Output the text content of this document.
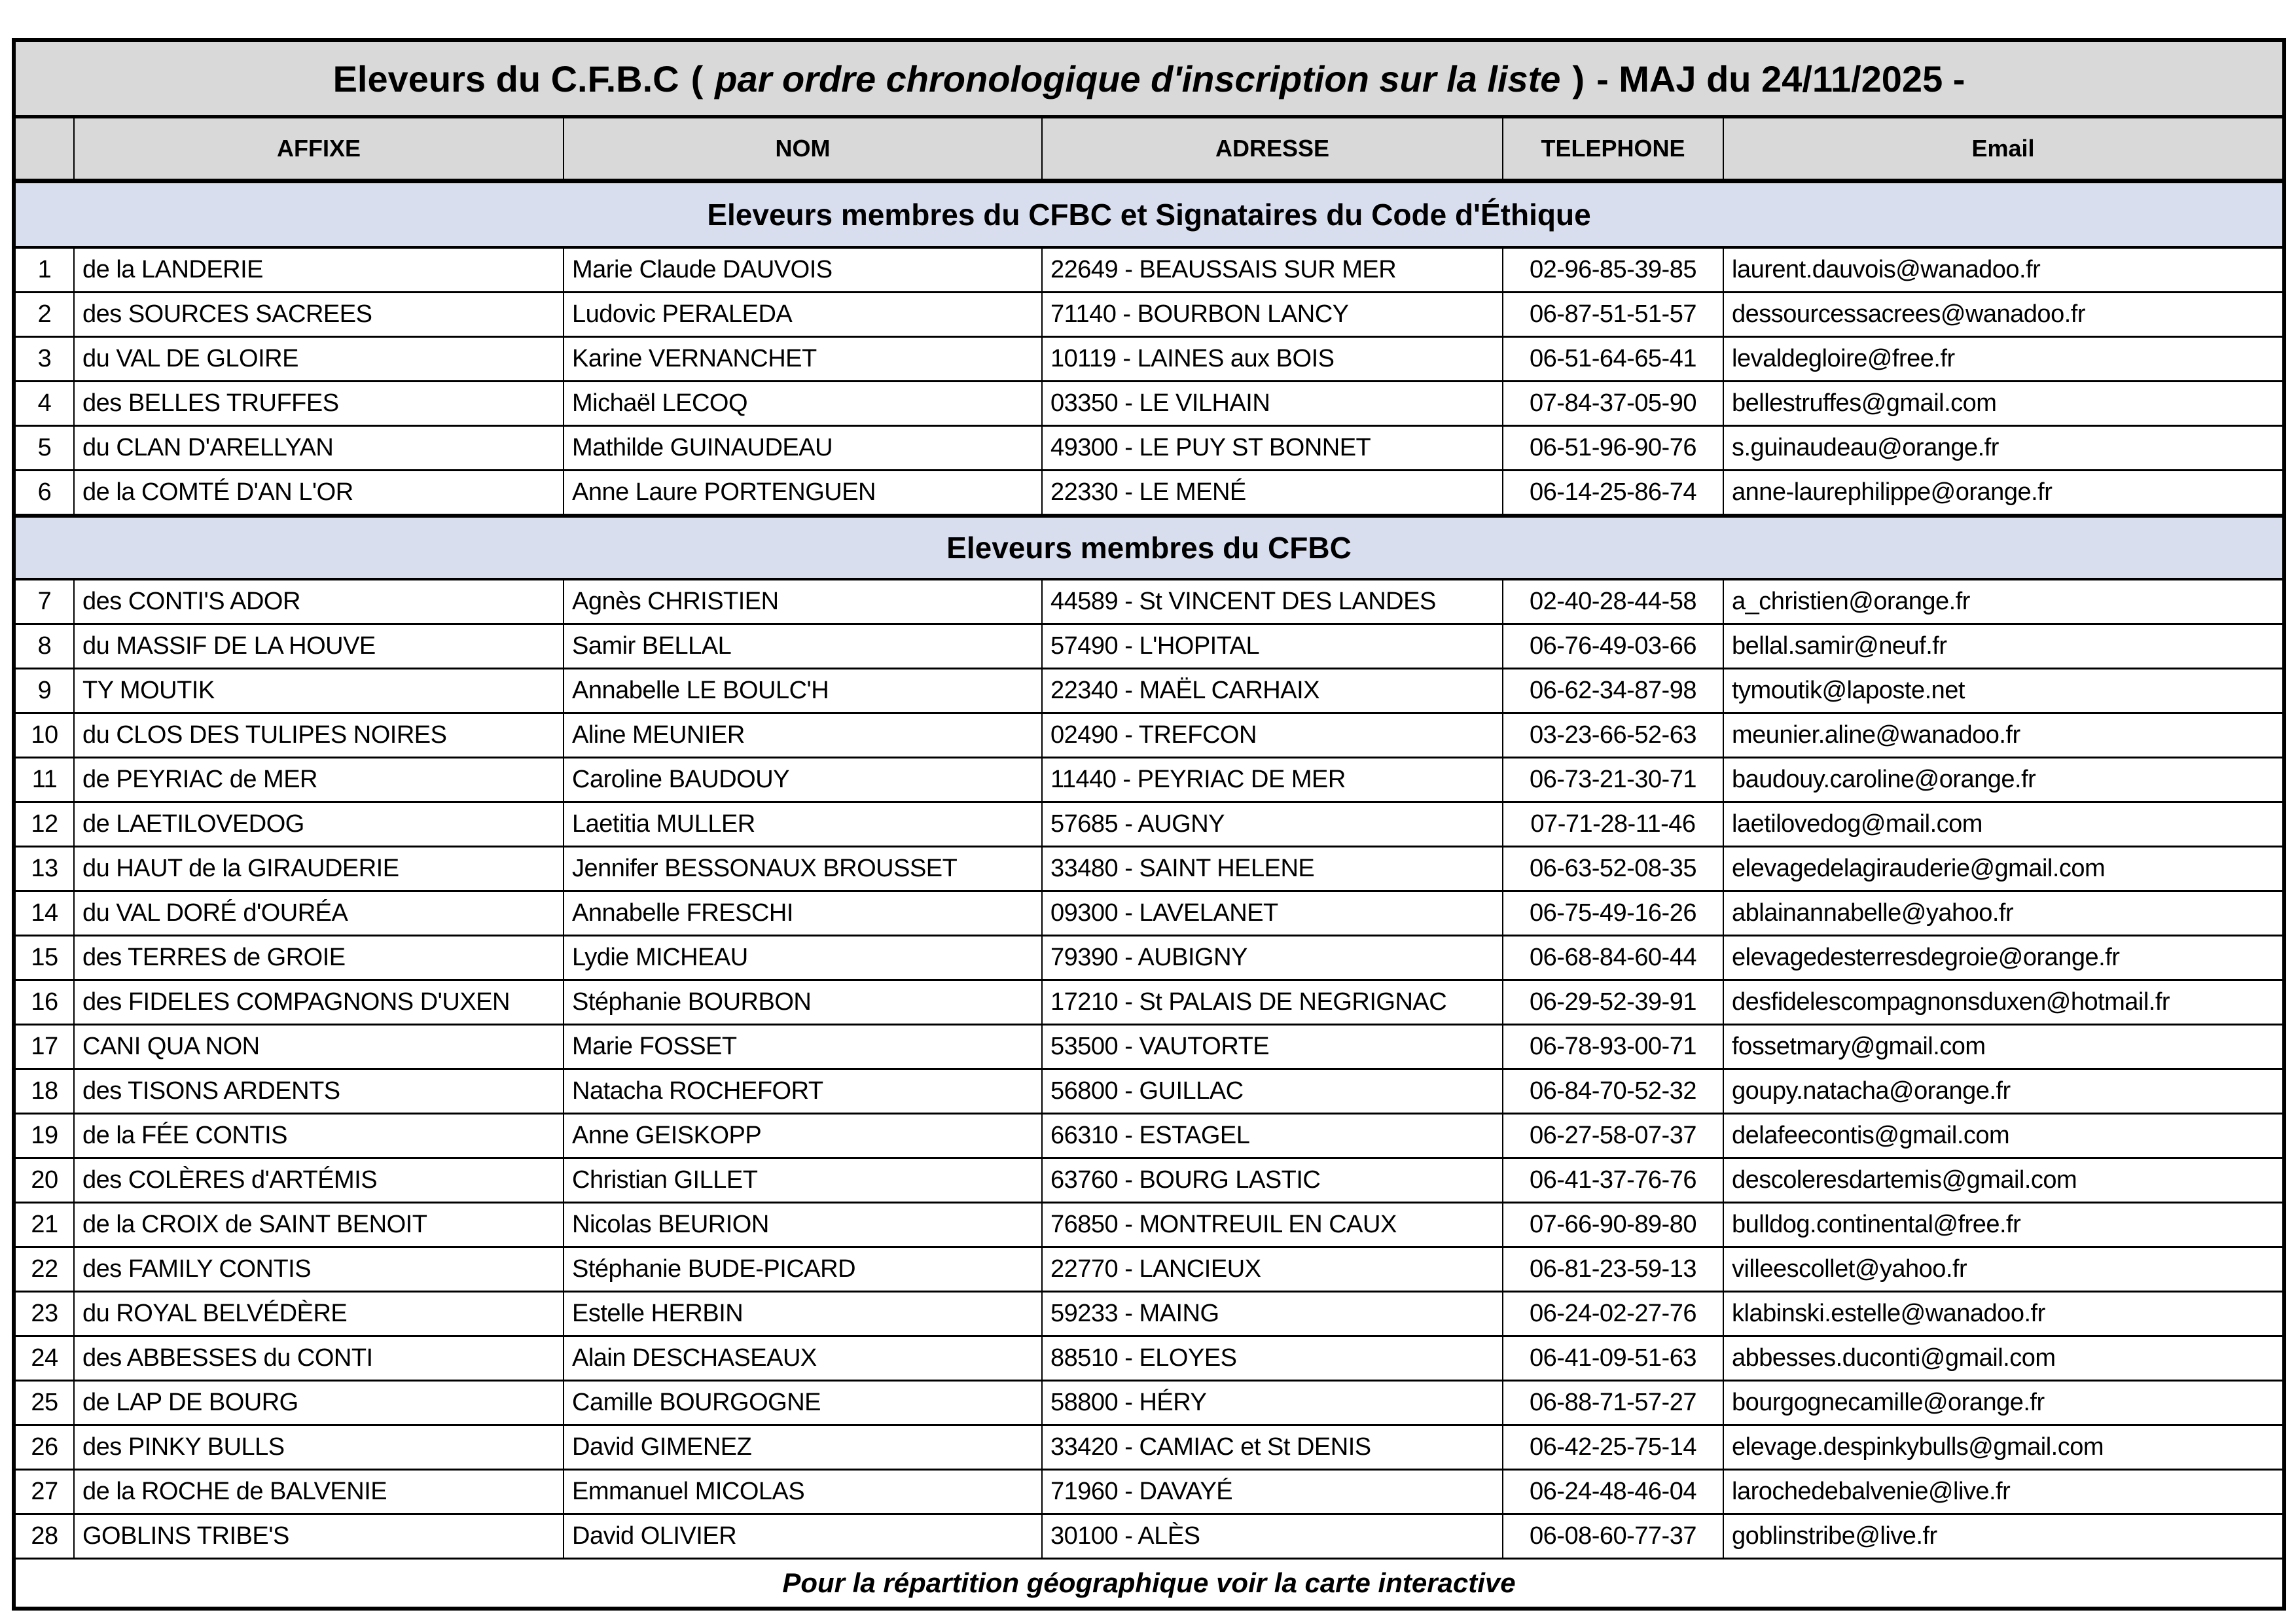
Eleveurs du C.F.B.C ( par ordre chronologique d'inscription sur la liste ) - MAJ du 24/11/2025 -
AFFIXE	NOM	ADRESSE	TELEPHONE	Email
Eleveurs membres du CFBC et Signataires du Code d'Éthique
1	de la LANDERIE	Marie Claude DAUVOIS	22649 - BEAUSSAIS SUR MER	02-96-85-39-85	laurent.dauvois@wanadoo.fr
2	des SOURCES SACREES	Ludovic PERALEDA	71140 - BOURBON LANCY	06-87-51-51-57	dessourcessacrees@wanadoo.fr
3	du VAL DE GLOIRE	Karine VERNANCHET	10119 - LAINES aux BOIS	06-51-64-65-41	levaldegloire@free.fr
4	des BELLES TRUFFES	Michaël LECOQ	03350 - LE VILHAIN	07-84-37-05-90	bellestruffes@gmail.com
5	du CLAN D'ARELLYAN	Mathilde GUINAUDEAU	49300 - LE PUY ST BONNET	06-51-96-90-76	s.guinaudeau@orange.fr
6	de la COMTÉ D'AN L'OR	Anne Laure PORTENGUEN	22330 - LE MENÉ	06-14-25-86-74	anne-laurephilippe@orange.fr
Eleveurs membres du CFBC
7	des CONTI'S ADOR	Agnès CHRISTIEN	44589 - St VINCENT DES LANDES	02-40-28-44-58	a_christien@orange.fr
8	du MASSIF DE LA HOUVE	Samir BELLAL	57490 - L'HOPITAL	06-76-49-03-66	bellal.samir@neuf.fr
9	TY MOUTIK	Annabelle LE BOULC'H	22340 - MAËL CARHAIX	06-62-34-87-98	tymoutik@laposte.net
10 du CLOS DES TULIPES NOIRES	Aline MEUNIER	02490 - TREFCON	03-23-66-52-63	meunier.aline@wanadoo.fr
11	de PEYRIAC de MER	Caroline BAUDOUY	11440 - PEYRIAC DE MER	06-73-21-30-71	baudouy.caroline@orange.fr
12 de LAETILOVEDOG	Laetitia MULLER	57685 - AUGNY	07-71-28-11-46	laetilovedog@mail.com
13 du HAUT de la GIRAUDERIE	Jennifer BESSONAUX BROUSSET	33480 - SAINT HELENE	06-63-52-08-35	elevagedelagirauderie@gmail.com
14 du VAL DORÉ d'OURÉA	Annabelle FRESCHI	09300 - LAVELANET	06-75-49-16-26	ablainannabelle@yahoo.fr
15 des TERRES de GROIE	Lydie MICHEAU	79390 - AUBIGNY	06-68-84-60-44	elevagedesterresdegroie@orange.fr
16 des FIDELES COMPAGNONS D'UXEN	Stéphanie BOURBON	17210 - St PALAIS DE NEGRIGNAC	06-29-52-39-91	desfidelescompagnonsduxen@hotmail.fr
17 CANI QUA NON	Marie FOSSET	53500 - VAUTORTE	06-78-93-00-71	fossetmary@gmail.com
18 des TISONS ARDENTS	Natacha ROCHEFORT	56800 - GUILLAC	06-84-70-52-32	goupy.natacha@orange.fr
19 de la FÉE CONTIS	Anne GEISKOPP	66310 - ESTAGEL	06-27-58-07-37	delafeecontis@gmail.com
20 des COLÈRES d'ARTÉMIS	Christian GILLET	63760 - BOURG LASTIC	06-41-37-76-76	descoleresdartemis@gmail.com
21 de la CROIX de SAINT BENOIT	Nicolas BEURION	76850 - MONTREUIL EN CAUX	07-66-90-89-80	bulldog.continental@free.fr
22 des FAMILY CONTIS	Stéphanie BUDE-PICARD	22770 - LANCIEUX	06-81-23-59-13	villeescollet@yahoo.fr
23 du ROYAL BELVÉDÈRE	Estelle HERBIN	59233 - MAING	06-24-02-27-76	klabinski.estelle@wanadoo.fr
24 des ABBESSES du CONTI	Alain DESCHASEAUX	88510 - ELOYES	06-41-09-51-63	abbesses.duconti@gmail.com
25 de LAP DE BOURG	Camille BOURGOGNE	58800 - HÉRY	06-88-71-57-27	bourgognecamille@orange.fr
26 des PINKY BULLS	David GIMENEZ	33420 - CAMIAC et St DENIS	06-42-25-75-14	elevage.despinkybulls@gmail.com
27 de la ROCHE de BALVENIE	Emmanuel MICOLAS	71960 - DAVAYÉ	06-24-48-46-04	larochedebalvenie@live.fr
28 GOBLINS TRIBE'S	David OLIVIER	30100 - ALÈS	06-08-60-77-37	goblinstribe@live.fr
Pour la répartition géographique voir la carte interactive
